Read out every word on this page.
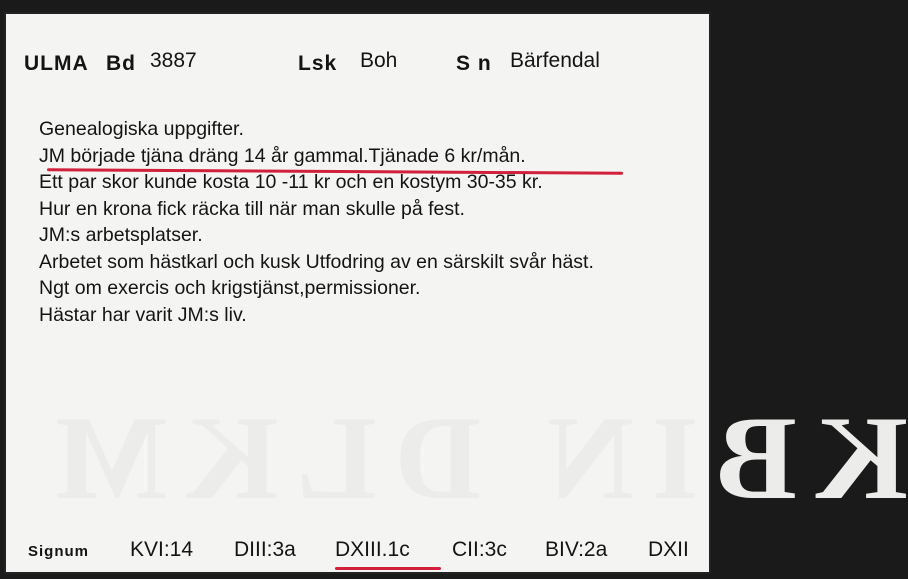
KBIN DLKM
ULMA Bd 3887	Lsk Boh	S n Bärfendal
Genealogiska uppgifter.
JM började tjäna dräng 14 år gammal.Tjänade 6 kr/mån.
Ett par skor kunde kosta 10 -11 kr och en kostym 30-35 kr.
Hur en krona fick räcka till när man skulle på fest.
JM:s arbetsplatser.
Arbetet som hästkarl och kusk Utfodring av en särskilt svår häst.
Ngt om exercis och krigstjänst,permissioner.
Hästar har varit JM:s liv.
Signum KVI:14 DIII:3a DXIII.1c CII:3c BIV:2a DXII
